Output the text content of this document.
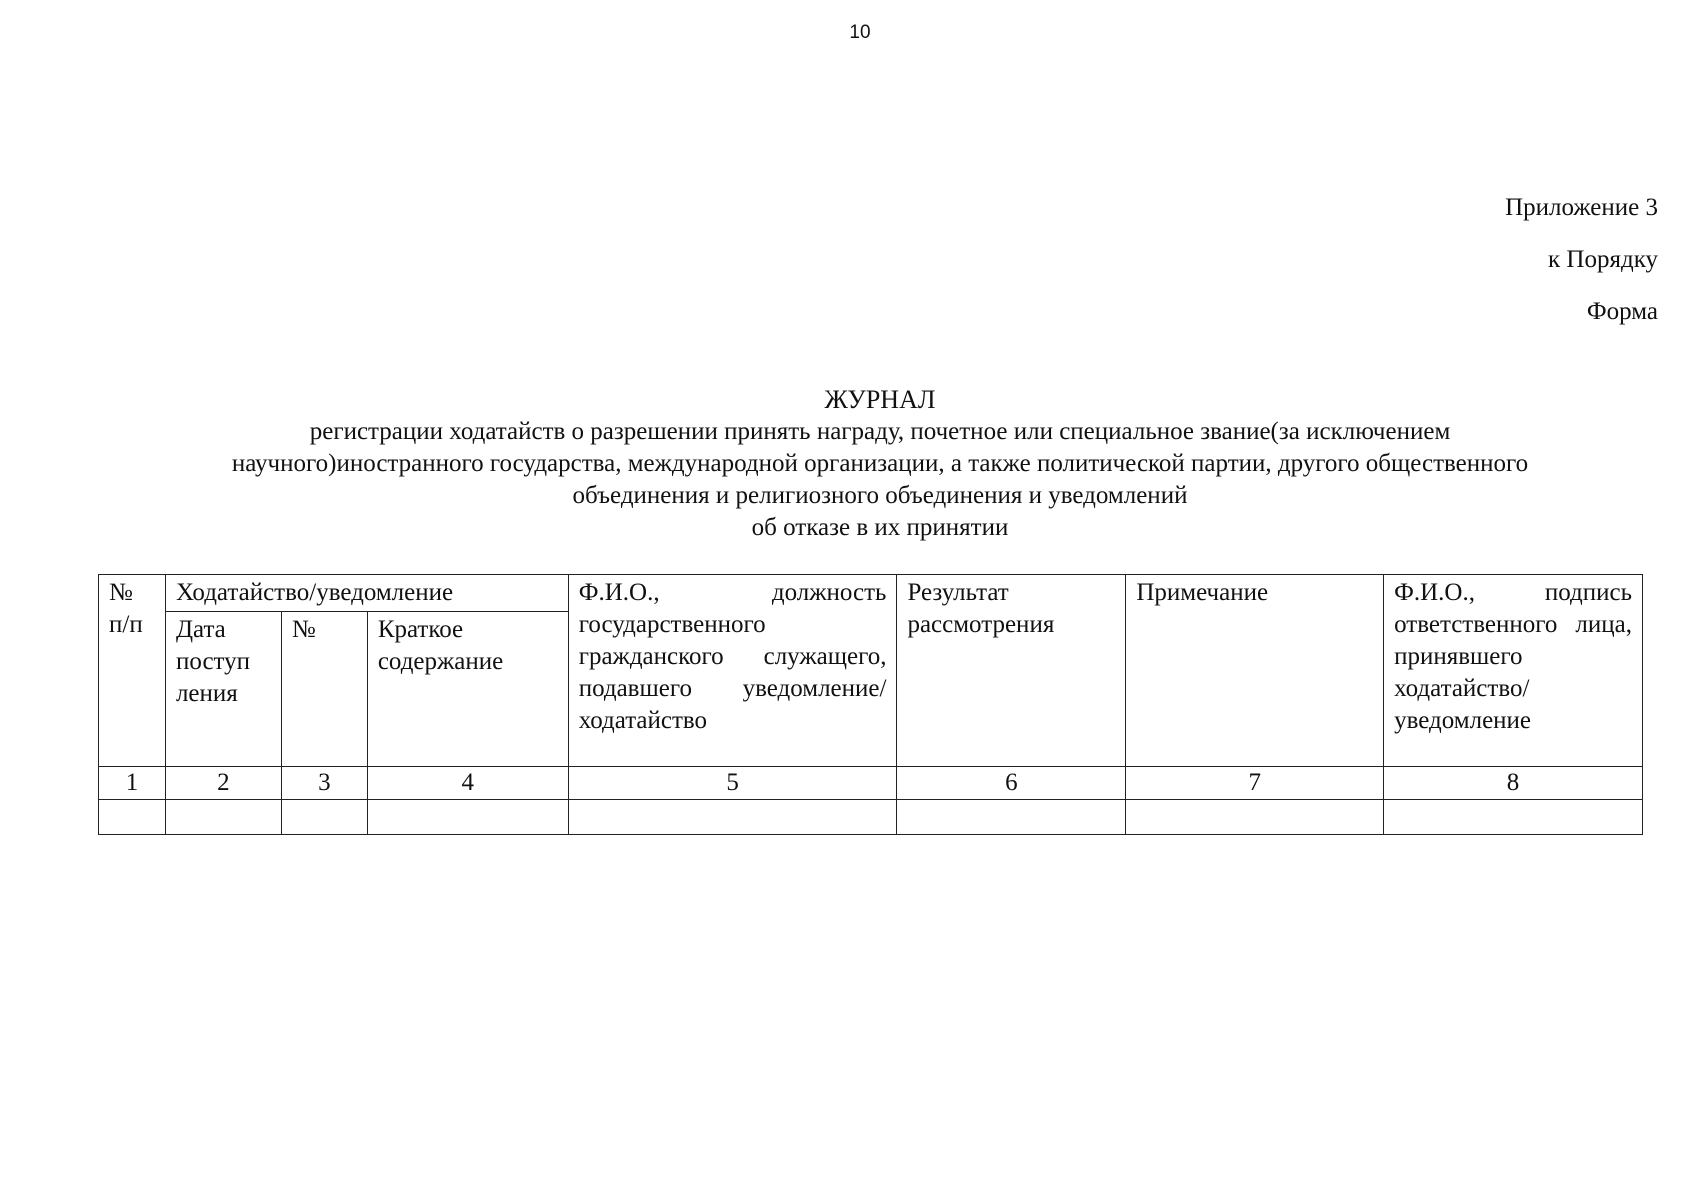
10
Приложение 3
к Порядку
Форма
ЖУРНАЛ
регистрации ходатайств о разрешении принять награду, почетное или специальное звание(за исключением
научного)иностранного государства, международной организации, а также политической партии, другого общественного
объединения и религиозного объединения и уведомлений
об отказе в их принятии
№ п/п	Ходатайство/уведомление			Ф.И.О., должность государственного гражданского служащего, подавшего уведомление/ ходатайство	Результат рассмотрения	Примечание	Ф.И.О., подпись ответственного лица, принявшего ходатайство/ уведомление
	Дата поступ ления	№	Краткое содержание				
1	2	3	4	5	6	7	8
